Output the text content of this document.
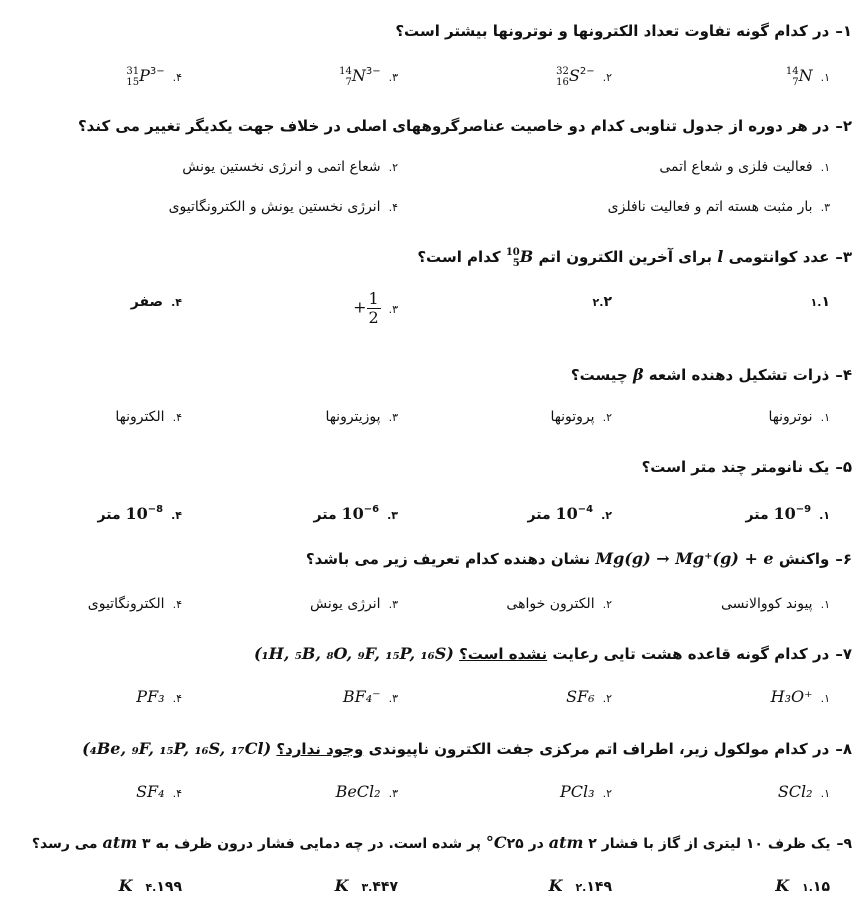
۱–در کدام گونه تفاوت تعداد الکترونها و نوترونها بیشتر است؟
۱.
14
7 N
۲.
32
16 $S^{2-}$
۳.
14
7 $N^{3-}$
۴.
31
15 $P^{3-}$
۲–در هر دوره از جدول تناوبی کدام دو خاصیت عناصرگروههای اصلی در خلاف جهت یکدیگر تغییر می کند؟
۱.فعالیت فلزی و شعاع اتمی
۲.شعاع اتمی و انرژی نخستین یونش
۳.بار مثبت هسته اتم و فعالیت نافلزی
۴.انرژی نخستین یونش و الکترونگاتیوی
۳–عدد کوانتومی l برای آخرین الکترون اتم
10
5 B کدام است؟
۱.۱
۲.۲
۳.+ $\frac{1}{2}$
۴.صفر
۴–ذرات تشکیل دهنده اشعه β چیست؟
۱.نوترونها
۲.پروتونها
۳.پوزیترونها
۴.الکترونها
۵–یک نانومتر چند متر است؟
$۱.10^{-9}$ متر
$۲.10^{-4}$ متر
$۳.10^{-6}$ متر
$۴.10^{-8}$ متر
۶–واکنش Mg(g) → Mg⁺(g) + e نشان دهنده کدام تعریف زیر می باشد؟
۱.پیوند کووالانسی
۲.الکترون خواهی
۳.انرژی یونش
۴.الکترونگاتیوی
۷–در کدام گونه قاعده هشت تایی رعایت نشده است؟ (₁H, ₅B, ₈O, ₉F, ₁₅P, ₁₆S)
۱.H₃O⁺
۲.SF₆
۳.BF₄⁻
۴.PF₃
۸–در کدام مولکول زیر، اطراف اتم مرکزی جفت الکترون ناپیوندی وجود ندارد؟ (₄Be, ₉F, ₁₅P, ₁₆S, ₁₇Cl)
۱.SCl₂
۲.PCl₃
۳.BeCl₂
۴.SF₄
۹–یک ظرف ۱۰ لیتری از گاز با فشار atm ۲ در ۲۵°C پر شده است. در چه دمایی فشار درون ظرف به atm ۳ می رسد؟
۱.۱۵ K
۲.۱۴۹ K
۳.۴۴۷ K
۴.۱۹۹ K
